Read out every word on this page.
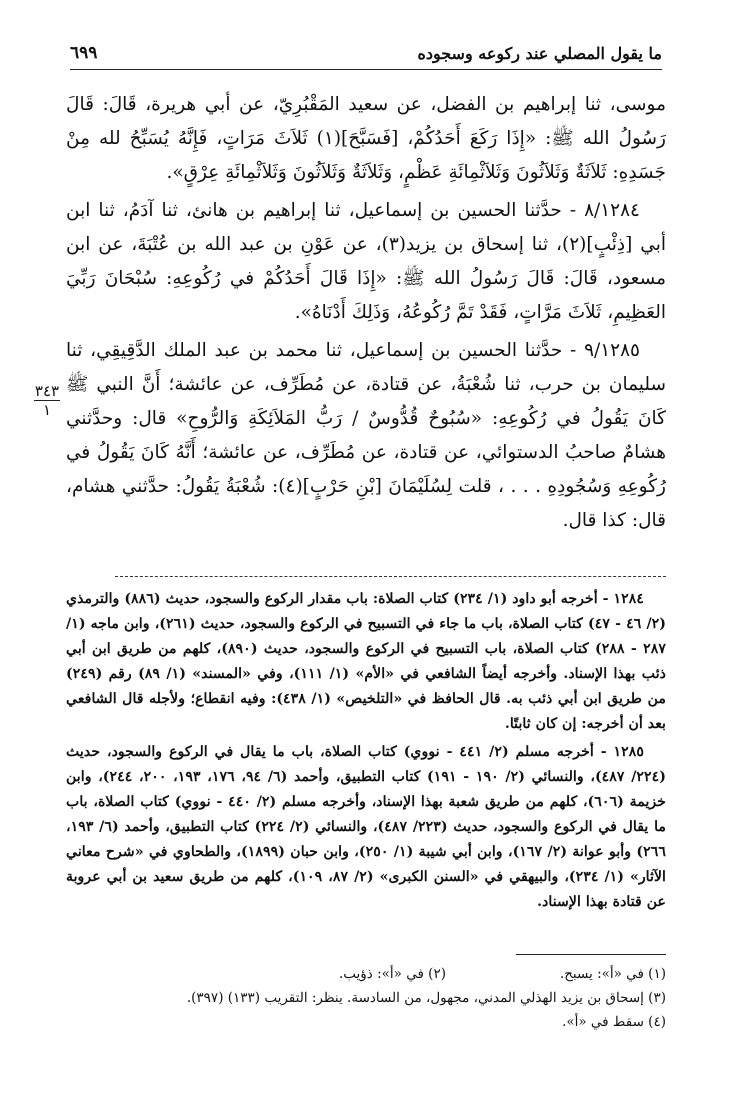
ما يقول المصلي عند ركوعه وسجوده
٦٩٩
٣٤٣
١

موسى، ثنا إبراهيم بن الفضل، عن سعيد المَقْبُرِيّ، عن أبي هريرة، قَالَ: قَالَ رَسُولُ الله ﷺ: «إِذَا رَكَعَ أَحَدُكُمْ، [فَسَبَّحَ](١) ثَلاَثَ مَرَاتٍ، فَإِنَّهُ يُسَبِّحُ لله مِنْ جَسَدِهِ: ثَلاَثَةٌ وَثَلاَثُونَ وَثَلاَثْمِائَةِ عَظْمٍ، وَثَلاَثَةٌ وَثَلاَثُونَ وَثَلاَثْمِائَةِ عِرْقٍ».

٨/١٢٨٤ - حدَّثنا الحسين بن إسماعيل، ثنا إبراهيم بن هانئ، ثنا آدَمُ، ثنا ابن أبي [ذِئْبٍ](٢)، ثنا إسحاق بن يزيد(٣)، عن عَوْنِ بن عبد الله بن عُتْبَةَ، عن ابن مسعود، قَالَ: قَالَ رَسُولُ الله ﷺ: «إِذَا قَالَ أَحَدُكُمْ في رُكُوعِهِ: سُبْحَانَ رَبِّيَ العَظِيمِ، ثَلاَثَ مَرَّاتٍ، فَقَدْ تَمَّ رُكُوعُهُ، وَذَلِكَ أَدْنَاهُ».

٩/١٢٨٥ - حدَّثنا الحسين بن إسماعيل، ثنا محمد بن عبد الملك الدَّقِيقِي، ثنا سليمان بن حرب، ثنا شُعْبَةُ، عن قتادة، عن مُطَرِّف، عن عائشة؛ أَنَّ النبي ﷺ كَانَ يَقُولُ في رُكُوعِهِ: «سُبُوحٌ قُدُّوسٌ / رَبُّ المَلاَئِكَةِ وَالرُّوحِ» قال: وحدَّثني هشامٌ صاحبُ الدستوائي، عن قتادة، عن مُطَرِّف، عن عائشة؛ أَنَّهُ كَانَ يَقُولُ في رُكُوعِهِ وَسُجُودِهِ . . . ، قلت لِسُلَيْمَانَ [بْنِ حَرْبٍ](٤): شُعْبَةُ يَقُولُ: حدَّثني هشام، قال: كذا قال.

١٢٨٤ - أخرجه أبو داود (١/ ٢٣٤) كتاب الصلاة: باب مقدار الركوع والسجود، حديث (٨٨٦) والترمذي (٢/ ٤٦ - ٤٧) كتاب الصلاة، باب ما جاء في التسبيح في الركوع والسجود، حديث (٢٦١)، وابن ماجه (١/ ٢٨٧ - ٢٨٨) كتاب الصلاة، باب التسبيح في الركوع والسجود، حديث (٨٩٠)، كلهم من طريق ابن أبي ذئب بهذا الإسناد. وأخرجه أيضاً الشافعي في «الأم» (١/ ١١١)، وفي «المسند» (١/ ٨٩) رقم (٢٤٩) من طريق ابن أبي ذئب به. قال الحافظ في «التلخيص» (١/ ٤٣٨): وفيه انقطاع؛ ولأجله قال الشافعي بعد أن أخرجه: إن كان ثابتًا.

١٢٨٥ - أخرجه مسلم (٢/ ٤٤١ - نووي) كتاب الصلاة، باب ما يقال في الركوع والسجود، حديث (٢٢٤/ ٤٨٧)، والنسائي (٢/ ١٩٠ - ١٩١) كتاب التطبيق، وأحمد (٦/ ٩٤، ١٧٦، ١٩٣، ٢٠٠، ٢٤٤)، وابن خزيمة (٦٠٦)، كلهم من طريق شعبة بهذا الإسناد، وأخرجه مسلم (٢/ ٤٤٠ - نووي) كتاب الصلاة، باب ما يقال في الركوع والسجود، حديث (٢٢٣/ ٤٨٧)، والنسائي (٢/ ٢٢٤) كتاب التطبيق، وأحمد (٦/ ١٩٣، ٢٦٦) وأبو عوانة (٢/ ١٦٧)، وابن أبي شيبة (١/ ٢٥٠)، وابن حبان (١٨٩٩)، والطحاوي في «شرح معاني الآثار» (١/ ٢٣٤)، والبيهقي في «السنن الكبرى» (٢/ ٨٧، ١٠٩)، كلهم من طريق سعيد بن أبي عروبة عن قتادة بهذا الإسناد.

(١) في «أ»: يسبح.
(٢) في «أ»: ذؤيب.
(٣) إسحاق بن يزيد الهذلي المدني، مجهول، من السادسة. ينظر: التقريب (١٣٣) (٣٩٧).
(٤) سقط في «أ».
